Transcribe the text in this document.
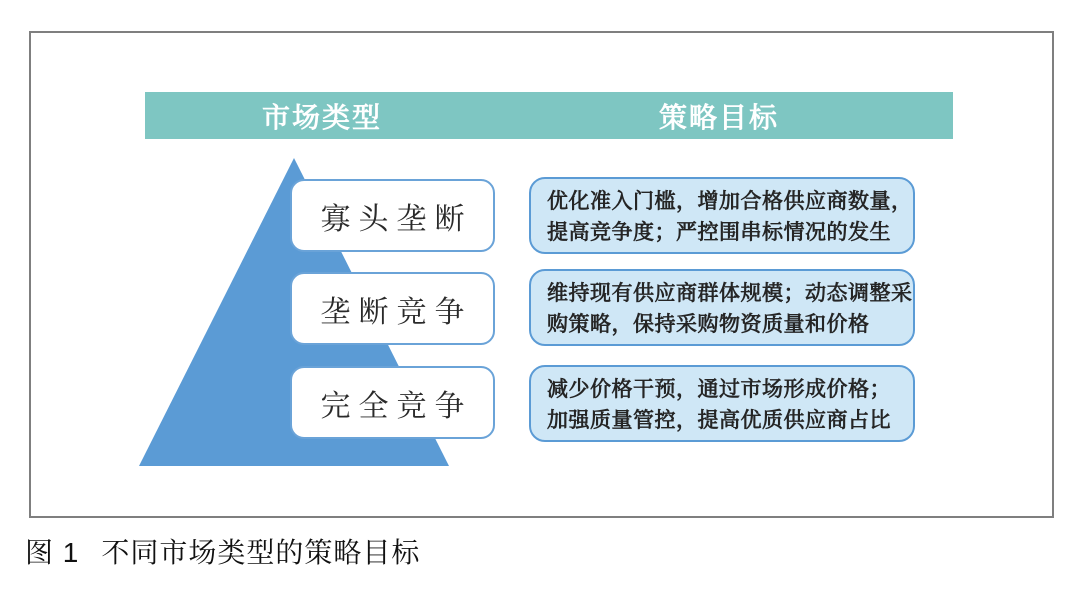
市场类型	策略目标
寡头垄断
垄断竞争
完全竞争
优化准入门槛，增加合格供应商数量，
提高竞争度；严控围串标情况的发生
维持现有供应商群体规模；动态调整采
购策略，保持采购物资质量和价格
减少价格干预，通过市场形成价格；
加强质量管控，提高优质供应商占比
图 1 不同市场类型的策略目标
